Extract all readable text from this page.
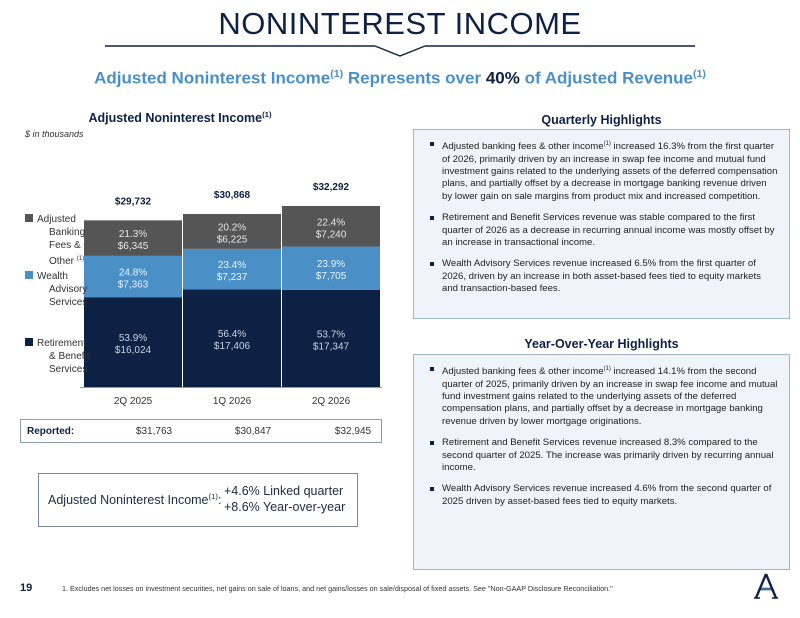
NONINTEREST INCOME
Adjusted Noninterest Income$^{(1)}$ Represents over 40% of Adjusted Revenue$^{(1)}$
Adjusted Noninterest Income$^{(1)}$
$ in thousands
53.9%
$16,024
24.8%
$7,363
21.3%
$6,345
$29,732
2Q 2025
56.4%
$17,406
23.4%
$7,237
20.2%
$6,225
$30,868
1Q 2026
53.7%
$17,347
23.9%
$7,705
22.4%
$7,240
$32,292
2Q 2026
Adjusted
Banking
Fees &
Other $^{(1)}$
Wealth
Advisory
Services
Retirement
& Benefit
Services
Reported:	$31,763	$30,847	$32,945
Adjusted Noninterest Income$^{(1)}$:
+4.6% Linked quarter
+8.6% Year-over-year
Quarterly Highlights
Adjusted banking fees & other income$^{(1)}$ increased 16.3% from the first quarter of 2026, primarily driven by an increase in swap fee income and mutual fund investment gains related to the underlying assets of the deferred compensation plans, and partially offset by a decrease in mortgage banking revenue driven by lower gain on sale margins from product mix and increased competition.
Retirement and Benefit Services revenue was stable compared to the first quarter of 2026 as a decrease in recurring annual income was mostly offset by an increase in transactional income.
Wealth Advisory Services revenue increased 6.5% from the first quarter of 2026, driven by an increase in both asset-based fees tied to equity markets and transaction-based fees.
Year-Over-Year Highlights
Adjusted banking fees & other income$^{(1)}$ increased 14.1% from the second quarter of 2025, primarily driven by an increase in swap fee income and mutual fund investment gains related to the underlying assets of the deferred compensation plans, and partially offset by a decrease in mortgage banking revenue driven by lower mortgage originations.
Retirement and Benefit Services revenue increased 8.3% compared to the second quarter of 2025. The increase was primarily driven by recurring annual income.
Wealth Advisory Services revenue increased 4.6% from the second quarter of 2025 driven by asset-based fees tied to equity markets.
19	1. Excludes net losses on investment securities, net gains on sale of loans, and net gains/losses on sale/disposal of fixed assets. See "Non-GAAP Disclosure Reconciliation."
